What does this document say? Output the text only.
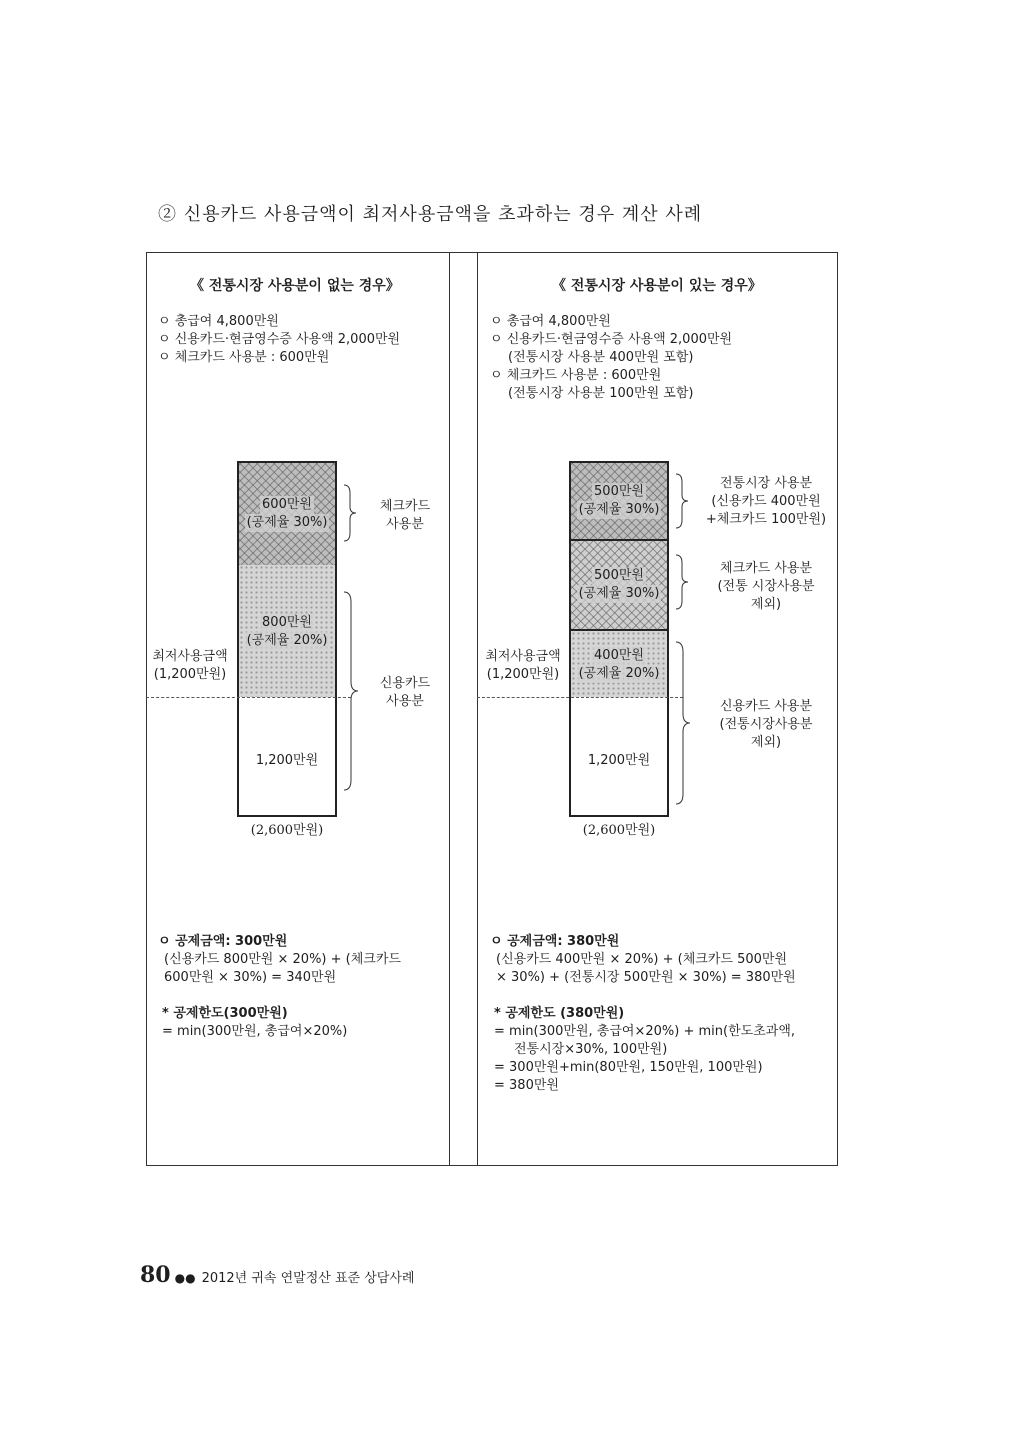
② 신용카드 사용금액이 최저사용금액을 초과하는 경우 계산 사례
《 전통시장 사용분이 없는 경우》
ㅇ 총급여 4,800만원
ㅇ 신용카드·현금영수증 사용액 2,000만원
ㅇ 체크카드 사용분 : 600만원
600만원
(공제율 30%)
800만원
(공제율 20%)
1,200만원
최저사용금액
(1,200만원)
체크카드
사용분
신용카드
사용분
(2,600만원)
ㅇ 공제금액: 300만원
(신용카드 800만원 × 20%) + (체크카드
600만원 × 30%) = 340만원
* 공제한도(300만원)
= min(300만원, 총급여×20%)
《 전통시장 사용분이 있는 경우》
ㅇ 총급여 4,800만원
ㅇ 신용카드·현금영수증 사용액 2,000만원
(전통시장 사용분 400만원 포함)
ㅇ 체크카드 사용분 : 600만원
(전통시장 사용분 100만원 포함)
500만원
(공제율 30%)
500만원
(공제율 30%)
400만원
(공제율 20%)
1,200만원
최저사용금액
(1,200만원)
전통시장 사용분
(신용카드 400만원
+체크카드 100만원)
체크카드 사용분
(전통 시장사용분
제외)
신용카드 사용분
(전통시장사용분
제외)
(2,600만원)
ㅇ 공제금액: 380만원
(신용카드 400만원 × 20%) + (체크카드 500만원
× 30%) + (전통시장 500만원 × 30%) = 380만원
* 공제한도 (380만원)
= min(300만원, 총급여×20%) + min(한도초과액,
전통시장×30%, 100만원)
= 300만원+min(80만원, 150만원, 100만원)
= 380만원
80 ●● 2012년 귀속 연말정산 표준 상담사례
